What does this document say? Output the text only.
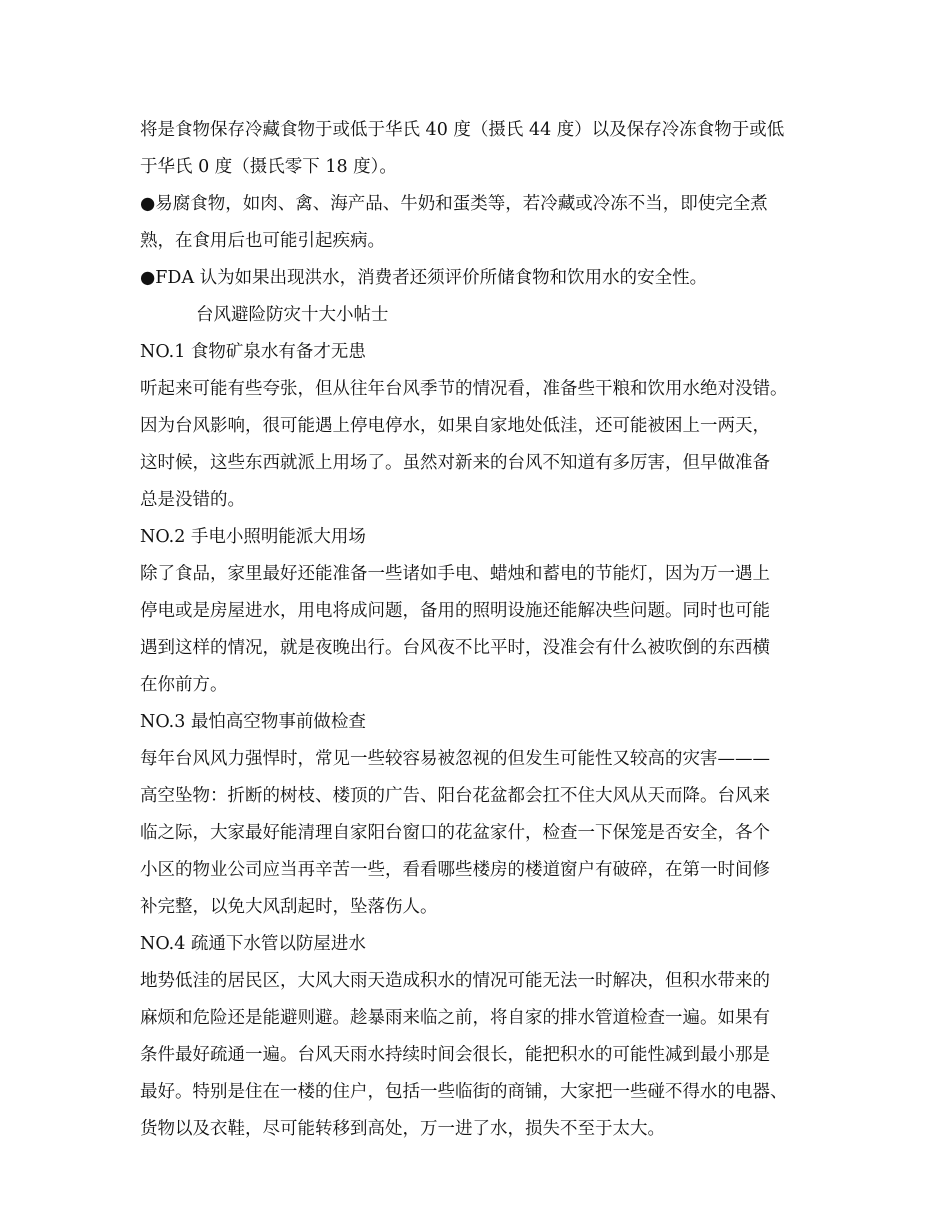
将是食物保存冷藏食物于或低于华氏 40 度（摄氏 44 度）以及保存冷冻食物于或低
于华氏 0 度（摄氏零下 18 度）。
●易腐食物，如肉、禽、海产品、牛奶和蛋类等，若冷藏或冷冻不当，即使完全煮
熟，在食用后也可能引起疾病。
●FDA 认为如果出现洪水，消费者还须评价所储食物和饮用水的安全性。
台风避险防灾十大小帖士
NO.1 食物矿泉水有备才无患
听起来可能有些夸张，但从往年台风季节的情况看，准备些干粮和饮用水绝对没错。
因为台风影响，很可能遇上停电停水，如果自家地处低洼，还可能被困上一两天，
这时候，这些东西就派上用场了。虽然对新来的台风不知道有多厉害，但早做准备
总是没错的。
NO.2 手电小照明能派大用场
除了食品，家里最好还能准备一些诸如手电、蜡烛和蓄电的节能灯，因为万一遇上
停电或是房屋进水，用电将成问题，备用的照明设施还能解决些问题。同时也可能
遇到这样的情况，就是夜晚出行。台风夜不比平时，没准会有什么被吹倒的东西横
在你前方。
NO.3 最怕高空物事前做检查
每年台风风力强悍时，常见一些较容易被忽视的但发生可能性又较高的灾害———
高空坠物：折断的树枝、楼顶的广告、阳台花盆都会扛不住大风从天而降。台风来
临之际，大家最好能清理自家阳台窗口的花盆家什，检查一下保笼是否安全，各个
小区的物业公司应当再辛苦一些，看看哪些楼房的楼道窗户有破碎，在第一时间修
补完整，以免大风刮起时，坠落伤人。
NO.4 疏通下水管以防屋进水
地势低洼的居民区，大风大雨天造成积水的情况可能无法一时解决，但积水带来的
麻烦和危险还是能避则避。趁暴雨来临之前，将自家的排水管道检查一遍。如果有
条件最好疏通一遍。台风天雨水持续时间会很长，能把积水的可能性减到最小那是
最好。特别是住在一楼的住户，包括一些临街的商铺，大家把一些碰不得水的电器、
货物以及衣鞋，尽可能转移到高处，万一进了水，损失不至于太大。
